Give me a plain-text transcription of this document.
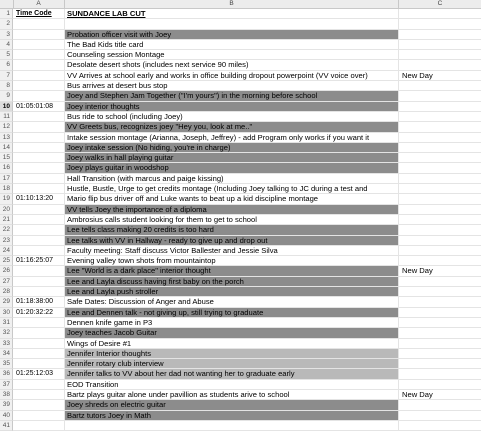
A	B	C
1 Time Code	SUNDANCE LAB CUT
2
3	Probation officer visit with Joey
4	The Bad Kids title card
5	Counseling session Montage
6	Desolate desert shots (includes next service 90 miles)
7	VV Arrives at school early and works in office building dropout powerpoint (VV voice over)	New Day
8	Bus arrives at desert bus stop
9	Joey and Stephen Jam Together ("I'm yours") in the morning before school
10 01:05:01:08	Joey interior thoughts
11	Bus ride to school (including Joey)
12	VV Greets bus, recognizes joey "Hey you, look at me.."
13	Intake session montage (Arianna, Joseph, Jeffrey) - add Program only works if you want it
14	Joey intake session (No hiding, you're in charge)
15	Joey walks in hall playing guitar
16	Joey plays guitar in woodshop
17	Hall Transition (with marcus and paige kissing)
18	Hustle, Bustle, Urge to get credits montage (Including Joey talking to JC during a test and
19 01:10:13:20	Mario flip bus driver off and Luke wants to beat up a kid discipline montage
20	VV tells Joey the importance of a diploma
21	Ambrosius calls student looking for them to get to school
22	Lee tells class making 20 credits is too hard
23	Lee talks with VV in Hallway - ready to give up and drop out
24	Faculty meeting: Staff discuss Victor Ballester and Jessie Silva
25 01:16:25:07	Evening valley town shots from mountaintop
26	Lee "World is a dark place" interior thought	New Day
27	Lee and Layla discuss having first baby on the porch
28	Lee and Layla push stroller
29 01:18:38:00	Safe Dates: Discussion of Anger and Abuse
30 01:20:32:22	Lee and Dennen talk - not giving up, still trying to graduate
31	Dennen knife game in P3
32	Joey teaches Jacob Guitar
33	Wings of Desire #1
34	Jennifer Interior thoughts
35	Jennifer rotary club interview
36 01:25:12:03	Jennifer talks to VV about her dad not wanting her to graduate early
37	EOD Transition
38	Bartz plays guitar alone under pavillion as students arive to school	New Day
39	Joey shreds on electric guitar
40	Bartz tutors Joey in Math
41
